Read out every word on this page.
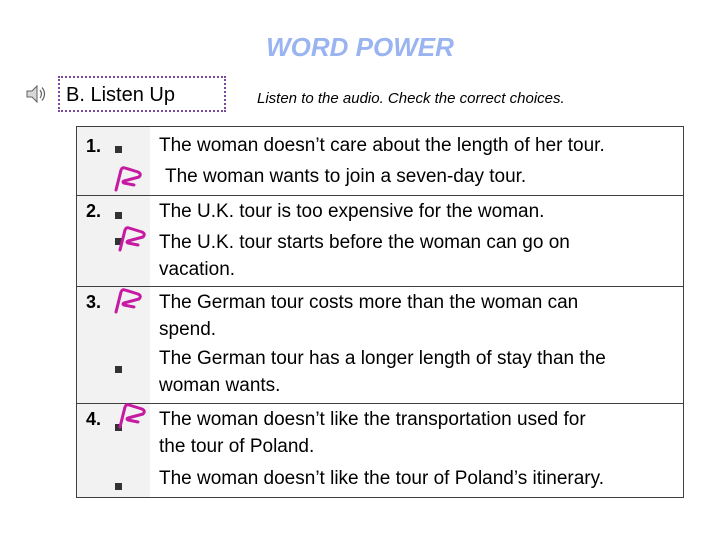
WORD POWER
B. Listen Up	Listen to the audio. Check the correct choices.
1.
2.
3.
4.
The woman doesn’t care about the length of her tour.
The woman wants to join a seven-day tour.
The U.K. tour is too expensive for the woman.
The U.K. tour starts before the woman can go on
vacation.
The German tour costs more than the woman can
spend.
The German tour has a longer length of stay than the
woman wants.
The woman doesn’t like the transportation used for
the tour of Poland.
The woman doesn’t like the tour of Poland’s itinerary.
